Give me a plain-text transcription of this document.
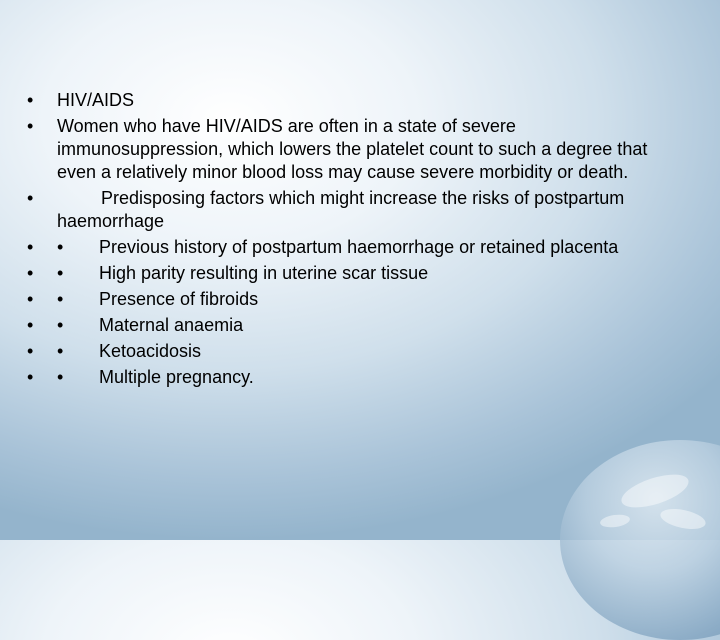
• HIV/AIDS
• Women who have HIV/AIDS are often in a state of severe immunosuppression, which lowers the platelet count to such a degree that even a relatively minor blood loss may cause severe morbidity or death.
• Predisposing factors which might increase the risks of postpartum haemorrhage
• • Previous history of postpartum haemorrhage or retained placenta
• • High parity resulting in uterine scar tissue
• • Presence of fibroids
• • Maternal anaemia
• • Ketoacidosis
• • Multiple pregnancy.
